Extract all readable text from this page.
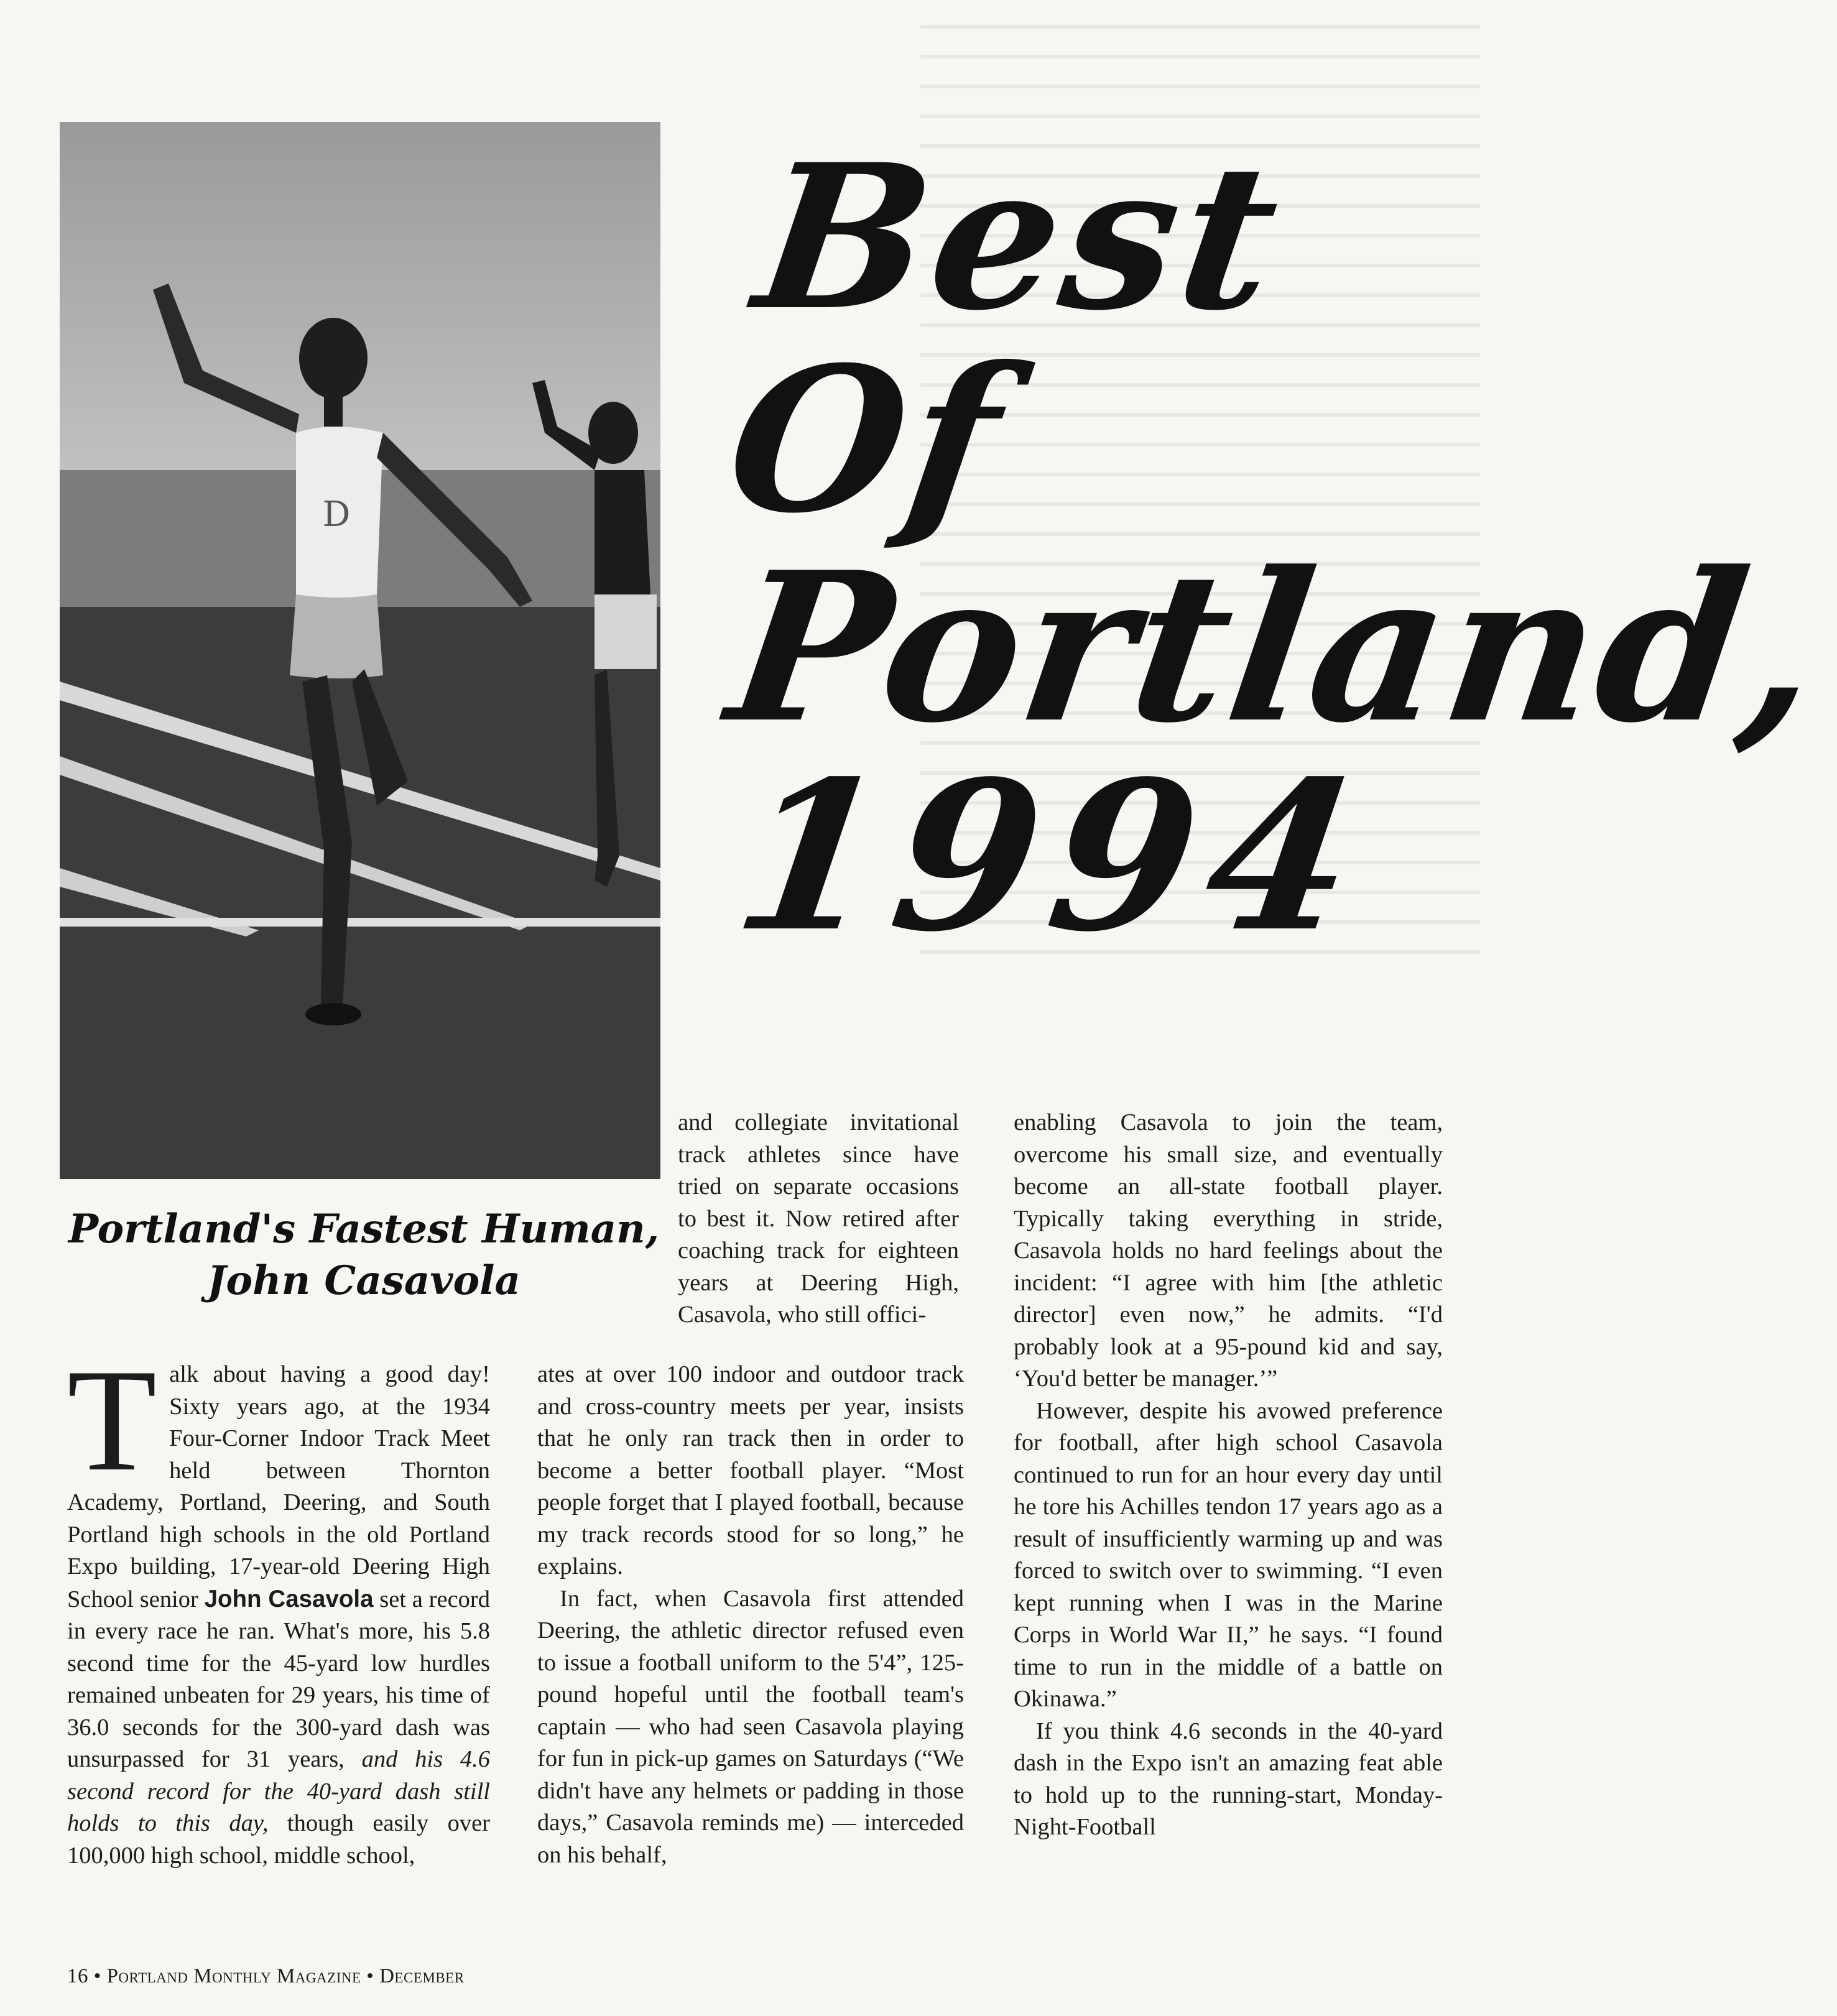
D
Best Of
Portland,
1994
Portland's Fastest Human,
John Casavola

Talk about having a good day! Sixty years ago, at the 1934 Four-Corner Indoor Track Meet held between Thornton Academy, Portland, Deering, and South Portland high schools in the old Portland Expo building, 17-year-old Deering High School senior John Casavola set a record in every race he ran. What's more, his 5.8 second time for the 45-yard low hurdles remained unbeaten for 29 years, his time of 36.0 seconds for the 300-yard dash was unsurpassed for 31 years, and his 4.6 second record for the 40-yard dash still holds to this day, though easily over 100,000 high school, middle school,

and collegiate invitational track athletes since have tried on separate occasions to best it. Now retired after coaching track for eighteen years at Deering High, Casavola, who still offici-

ates at over 100 indoor and outdoor track and cross-country meets per year, insists that he only ran track then in order to become a better football player. “Most people forget that I played football, because my track records stood for so long,” he explains.

In fact, when Casavola first attended Deering, the athletic director refused even to issue a football uniform to the 5'4”, 125-pound hopeful until the football team's captain — who had seen Casavola playing for fun in pick-up games on Saturdays (“We didn't have any helmets or padding in those days,” Casavola reminds me) — interceded on his behalf,

enabling Casavola to join the team, overcome his small size, and eventually become an all-state football player. Typically taking everything in stride, Casavola holds no hard feelings about the incident: “I agree with him [the athletic director] even now,” he admits. “I'd probably look at a 95-pound kid and say, ‘You'd better be manager.’”

However, despite his avowed preference for football, after high school Casavola continued to run for an hour every day until he tore his Achilles tendon 17 years ago as a result of insufficiently warming up and was forced to switch over to swimming. “I even kept running when I was in the Marine Corps in World War II,” he says. “I found time to run in the middle of a battle on Okinawa.”

If you think 4.6 seconds in the 40-yard dash in the Expo isn't an amazing feat able to hold up to the running-start, Monday-Night-Football

16 • Portland Monthly Magazine • December
